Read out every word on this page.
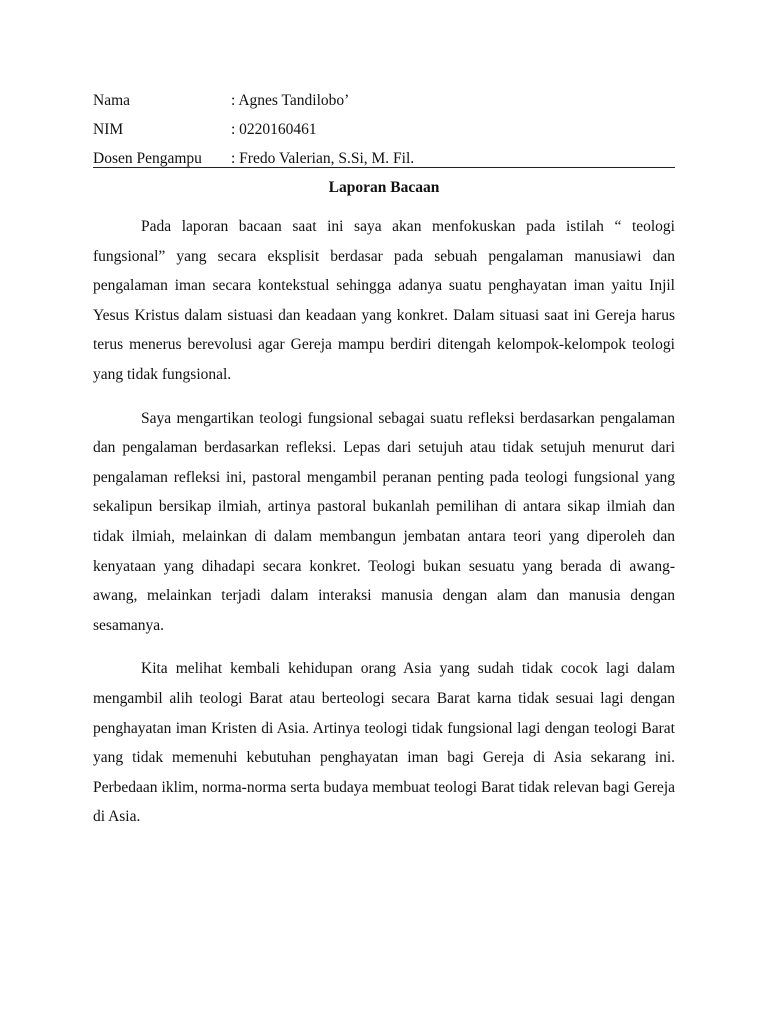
Nama	: Agnes Tandilobo’
NIM	: 0220160461
Dosen Pengampu	: Fredo Valerian, S.Si, M. Fil.
Laporan Bacaan

Pada laporan bacaan saat ini saya akan menfokuskan pada istilah “ teologi fungsional” yang secara eksplisit berdasar pada sebuah pengalaman manusiawi dan pengalaman iman secara kontekstual sehingga adanya suatu penghayatan iman yaitu Injil Yesus Kristus dalam sistuasi dan keadaan yang konkret. Dalam situasi saat ini Gereja harus terus menerus berevolusi agar Gereja mampu berdiri ditengah kelompok-kelompok teologi yang tidak fungsional.

Saya mengartikan teologi fungsional sebagai suatu refleksi berdasarkan pengalaman dan pengalaman berdasarkan refleksi. Lepas dari setujuh atau tidak setujuh menurut dari pengalaman refleksi ini, pastoral mengambil peranan penting pada teologi fungsional yang sekalipun bersikap ilmiah, artinya pastoral bukanlah pemilihan di antara sikap ilmiah dan tidak ilmiah, melainkan di dalam membangun jembatan antara teori yang diperoleh dan kenyataan yang dihadapi secara konkret. Teologi bukan sesuatu yang berada di awang-awang, melainkan terjadi dalam interaksi manusia dengan alam dan manusia dengan sesamanya.

Kita melihat kembali kehidupan orang Asia yang sudah tidak cocok lagi dalam mengambil alih teologi Barat atau berteologi secara Barat karna tidak sesuai lagi dengan penghayatan iman Kristen di Asia. Artinya teologi tidak fungsional lagi dengan teologi Barat yang tidak memenuhi kebutuhan penghayatan iman bagi Gereja di Asia sekarang ini. Perbedaan iklim, norma-norma serta budaya membuat teologi Barat tidak relevan bagi Gereja di Asia.
